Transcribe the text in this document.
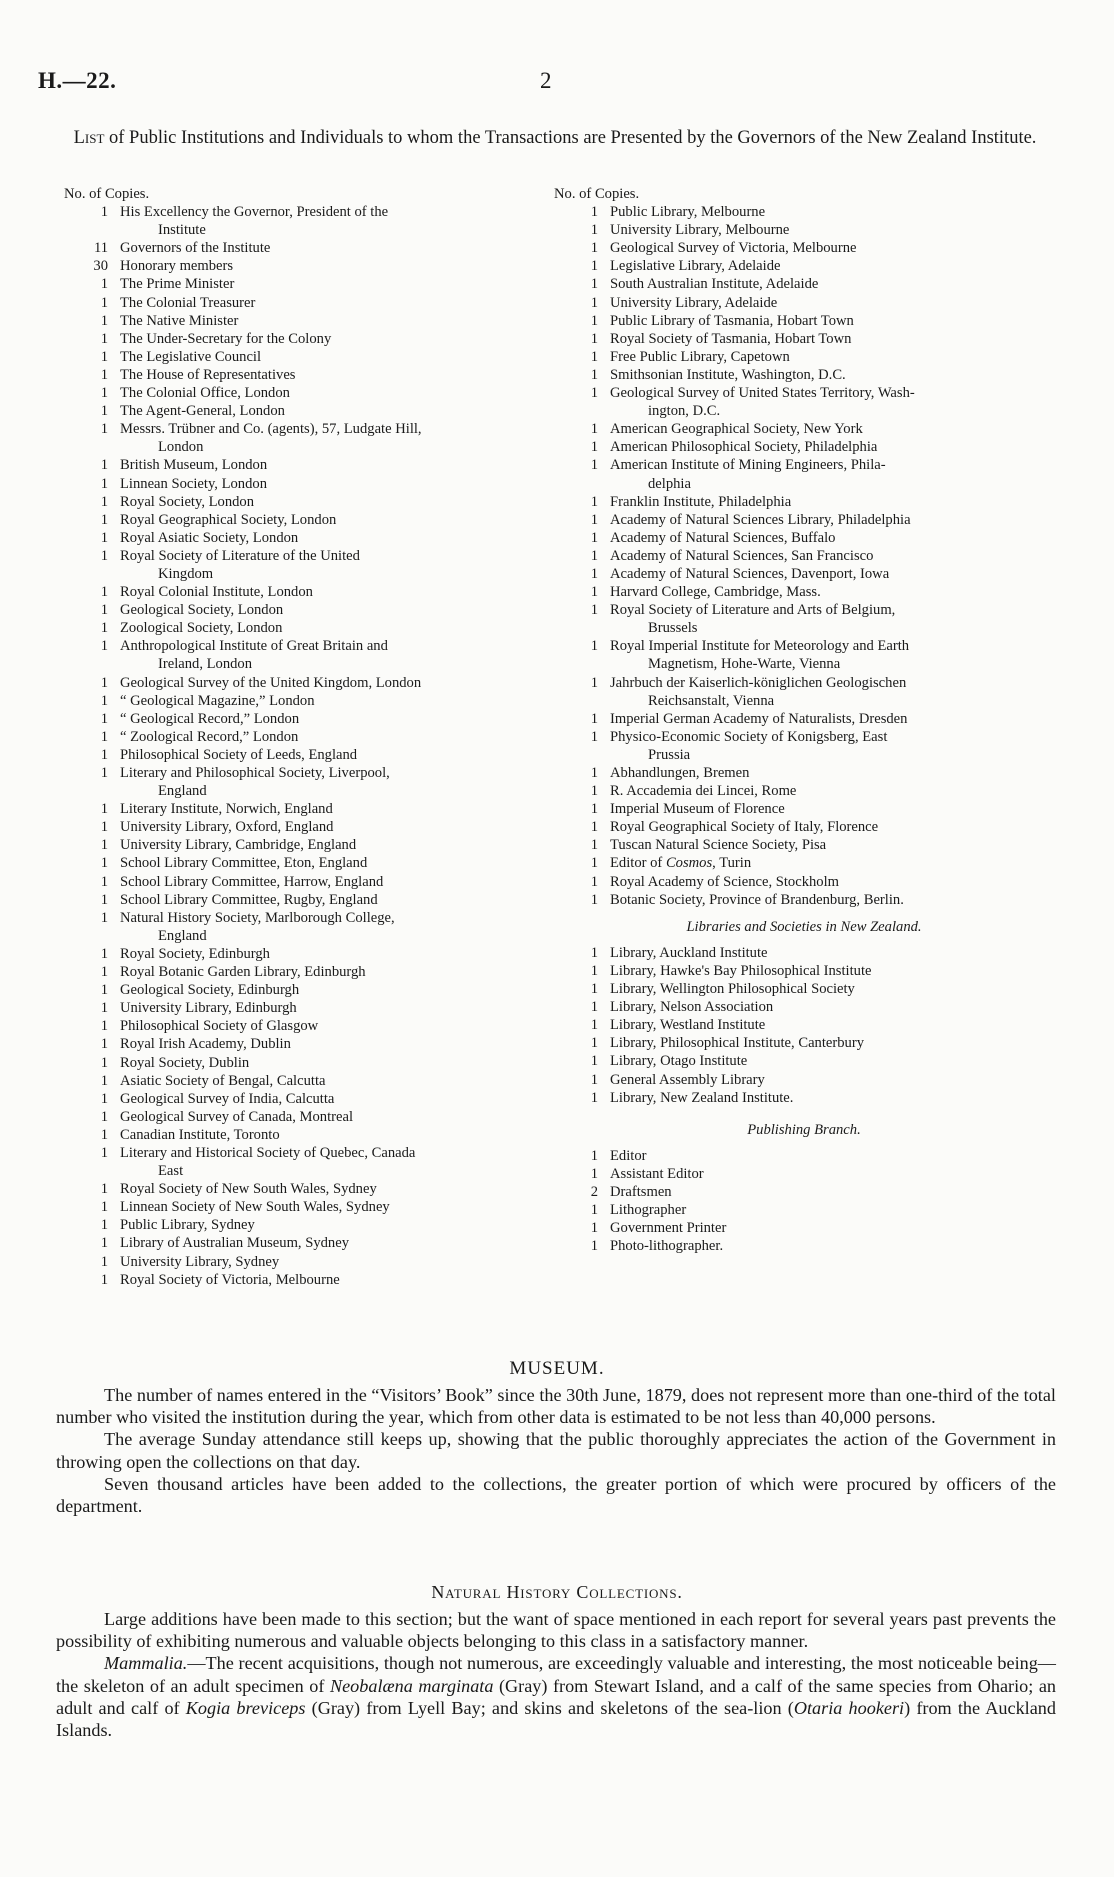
H.—22.	2
List of Public Institutions and Individuals to whom the Transactions are Presented by the Governors of the New Zealand Institute.
No. of Copies.
1 His Excellency the Governor, President of the
Institute
11 Governors of the Institute
30 Honorary members
1 The Prime Minister
1 The Colonial Treasurer
1 The Native Minister
1 The Under-Secretary for the Colony
1 The Legislative Council
1 The House of Representatives
1 The Colonial Office, London
1 The Agent-General, London
1 Messrs. Trübner and Co. (agents), 57, Ludgate Hill,
London
1 British Museum, London
1 Linnean Society, London
1 Royal Society, London
1 Royal Geographical Society, London
1 Royal Asiatic Society, London
1 Royal Society of Literature of the United
Kingdom
1 Royal Colonial Institute, London
1 Geological Society, London
1 Zoological Society, London
1 Anthropological Institute of Great Britain and
Ireland, London
1 Geological Survey of the United Kingdom, London
1 “ Geological Magazine,” London
1 “ Geological Record,” London
1 “ Zoological Record,” London
1 Philosophical Society of Leeds, England
1 Literary and Philosophical Society, Liverpool,
England
1 Literary Institute, Norwich, England
1 University Library, Oxford, England
1 University Library, Cambridge, England
1 School Library Committee, Eton, England
1 School Library Committee, Harrow, England
1 School Library Committee, Rugby, England
1 Natural History Society, Marlborough College,
England
1 Royal Society, Edinburgh
1 Royal Botanic Garden Library, Edinburgh
1 Geological Society, Edinburgh
1 University Library, Edinburgh
1 Philosophical Society of Glasgow
1 Royal Irish Academy, Dublin
1 Royal Society, Dublin
1 Asiatic Society of Bengal, Calcutta
1 Geological Survey of India, Calcutta
1 Geological Survey of Canada, Montreal
1 Canadian Institute, Toronto
1 Literary and Historical Society of Quebec, Canada
East
1 Royal Society of New South Wales, Sydney
1 Linnean Society of New South Wales, Sydney
1 Public Library, Sydney
1 Library of Australian Museum, Sydney
1 University Library, Sydney
1 Royal Society of Victoria, Melbourne
No. of Copies.
1 Public Library, Melbourne
1 University Library, Melbourne
1 Geological Survey of Victoria, Melbourne
1 Legislative Library, Adelaide
1 South Australian Institute, Adelaide
1 University Library, Adelaide
1 Public Library of Tasmania, Hobart Town
1 Royal Society of Tasmania, Hobart Town
1 Free Public Library, Capetown
1 Smithsonian Institute, Washington, D.C.
1 Geological Survey of United States Territory, Wash-
ington, D.C.
1 American Geographical Society, New York
1 American Philosophical Society, Philadelphia
1 American Institute of Mining Engineers, Phila-
delphia
1 Franklin Institute, Philadelphia
1 Academy of Natural Sciences Library, Philadelphia
1 Academy of Natural Sciences, Buffalo
1 Academy of Natural Sciences, San Francisco
1 Academy of Natural Sciences, Davenport, Iowa
1 Harvard College, Cambridge, Mass.
1 Royal Society of Literature and Arts of Belgium,
Brussels
1 Royal Imperial Institute for Meteorology and Earth
Magnetism, Hohe-Warte, Vienna
1 Jahrbuch der Kaiserlich-königlichen Geologischen
Reichsanstalt, Vienna
1 Imperial German Academy of Naturalists, Dresden
1 Physico-Economic Society of Konigsberg, East
Prussia
1 Abhandlungen, Bremen
1 R. Accademia dei Lincei, Rome
1 Imperial Museum of Florence
1 Royal Geographical Society of Italy, Florence
1 Tuscan Natural Science Society, Pisa
1 Editor of Cosmos, Turin
1 Royal Academy of Science, Stockholm
1 Botanic Society, Province of Brandenburg, Berlin.
Libraries and Societies in New Zealand.
1 Library, Auckland Institute
1 Library, Hawke's Bay Philosophical Institute
1 Library, Wellington Philosophical Society
1 Library, Nelson Association
1 Library, Westland Institute
1 Library, Philosophical Institute, Canterbury
1 Library, Otago Institute
1 General Assembly Library
1 Library, New Zealand Institute.
Publishing Branch.
1 Editor
1 Assistant Editor
2 Draftsmen
1 Lithographer
1 Government Printer
1 Photo-lithographer.
MUSEUM.

The number of names entered in the “Visitors’ Book” since the 30th June, 1879, does not represent more than one-third of the total number who visited the institution during the year, which from other data is estimated to be not less than 40,000 persons.

The average Sunday attendance still keeps up, showing that the public thoroughly appreciates the action of the Government in throwing open the collections on that day.

Seven thousand articles have been added to the collections, the greater portion of which were procured by officers of the department.

Natural History Collections.

Large additions have been made to this section; but the want of space mentioned in each report for several years past prevents the possibility of exhibiting numerous and valuable objects belonging to this class in a satisfactory manner.

Mammalia.—The recent acquisitions, though not numerous, are exceedingly valuable and interesting, the most noticeable being—the skeleton of an adult specimen of Neobalæna marginata (Gray) from Stewart Island, and a calf of the same species from Ohario; an adult and calf of Kogia breviceps (Gray) from Lyell Bay; and skins and skeletons of the sea-lion (Otaria hookeri) from the Auckland Islands.
